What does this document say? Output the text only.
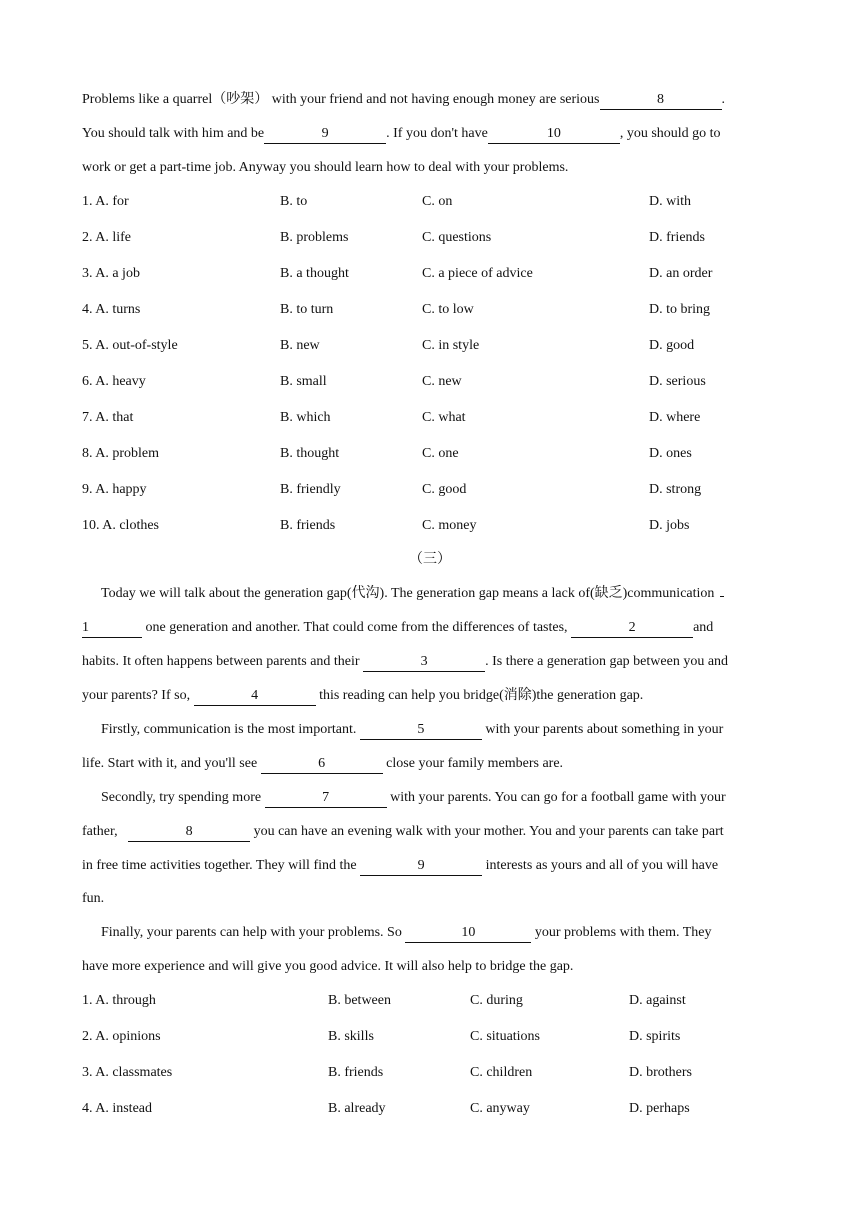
Problems like a quarrel（吵架） with your friend and not having enough money are serious	8	.
You should talk with him and be	9	. If you don't have	10	, you should go to
work or get a part-time job. Anyway you should learn how to deal with your problems.
1. A. for	B. to	C. on	D. with
2. A. life	B. problems	C. questions	D. friends
3. A. a job	B. a thought	C. a piece of advice	D. an order
4. A. turns	B. to turn	C. to low	D. to bring
5. A. out-of-style	B. new	C. in style	D. good
6. A. heavy	B. small	C. new	D. serious
7. A. that	B. which	C. what	D. where
8. A. problem	B. thought	C. one	D. ones
9. A. happy	B. friendly	C. good	D. strong
10. A. clothes	B. friends	C. money	D. jobs
（三）
Today we will talk about the generation gap(代沟). The generation gap means a lack of(缺乏)communication
1	one generation and another. That could come from the differences of tastes,	2	and
habits. It often happens between parents and their	3	. Is there a generation gap between you and
your parents? If so,	4	this reading can help you bridge(消除)the generation gap.
Firstly, communication is the most important.	5	with your parents about something in your
life. Start with it, and you'll see	6	close your family members are.
Secondly, try spending more	7	with your parents. You can go for a football game with your
father,	8	you can have an evening walk with your mother. You and your parents can take part
in free time activities together. They will find the	9	interests as yours and all of you will have
fun.
Finally, your parents can help with your problems. So	10	your problems with them. They
have more experience and will give you good advice. It will also help to bridge the gap.
1. A. through	B. between	C. during	D. against
2. A. opinions	B. skills	C. situations	D. spirits
3. A. classmates	B. friends	C. children	D. brothers
4. A. instead	B. already	C. anyway	D. perhaps
